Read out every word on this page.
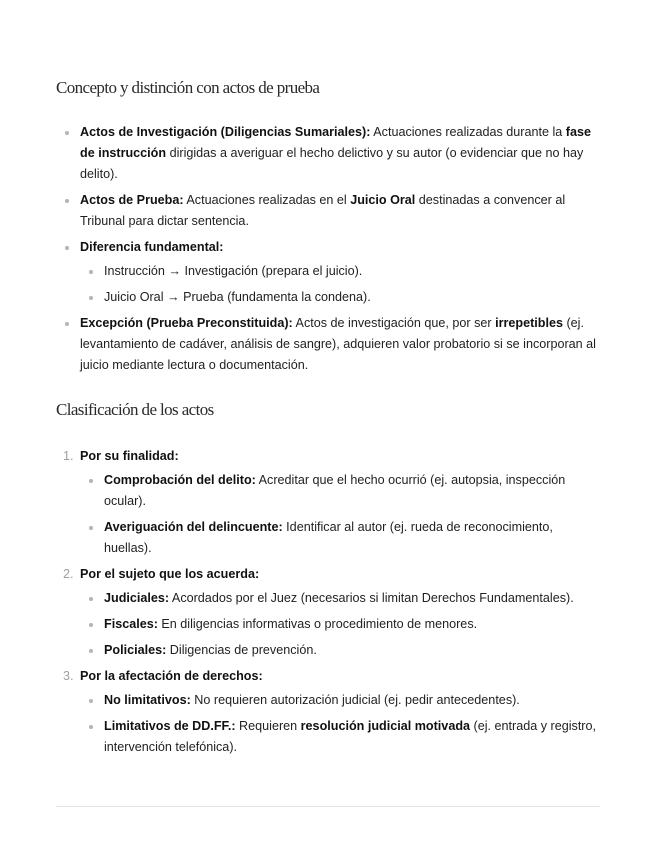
Concepto y distinción con actos de prueba
Actos de Investigación (Diligencias Sumariales): Actuaciones realizadas durante la fase de instrucción dirigidas a averiguar el hecho delictivo y su autor (o evidenciar que no hay delito).
Actos de Prueba: Actuaciones realizadas en el Juicio Oral destinadas a convencer al Tribunal para dictar sentencia.
Diferencia fundamental:
Instrucción → Investigación (prepara el juicio).
Juicio Oral → Prueba (fundamenta la condena).
Excepción (Prueba Preconstituida): Actos de investigación que, por ser irrepetibles (ej. levantamiento de cadáver, análisis de sangre), adquieren valor probatorio si se incorporan al juicio mediante lectura o documentación.
Clasificación de los actos
1. Por su finalidad:
Comprobación del delito: Acreditar que el hecho ocurrió (ej. autopsia, inspección ocular).
Averiguación del delincuente: Identificar al autor (ej. rueda de reconocimiento, huellas).
2. Por el sujeto que los acuerda:
Judiciales: Acordados por el Juez (necesarios si limitan Derechos Fundamentales).
Fiscales: En diligencias informativas o procedimiento de menores.
Policiales: Diligencias de prevención.
3. Por la afectación de derechos:
No limitativos: No requieren autorización judicial (ej. pedir antecedentes).
Limitativos de DD.FF.: Requieren resolución judicial motivada (ej. entrada y registro, intervención telefónica).
